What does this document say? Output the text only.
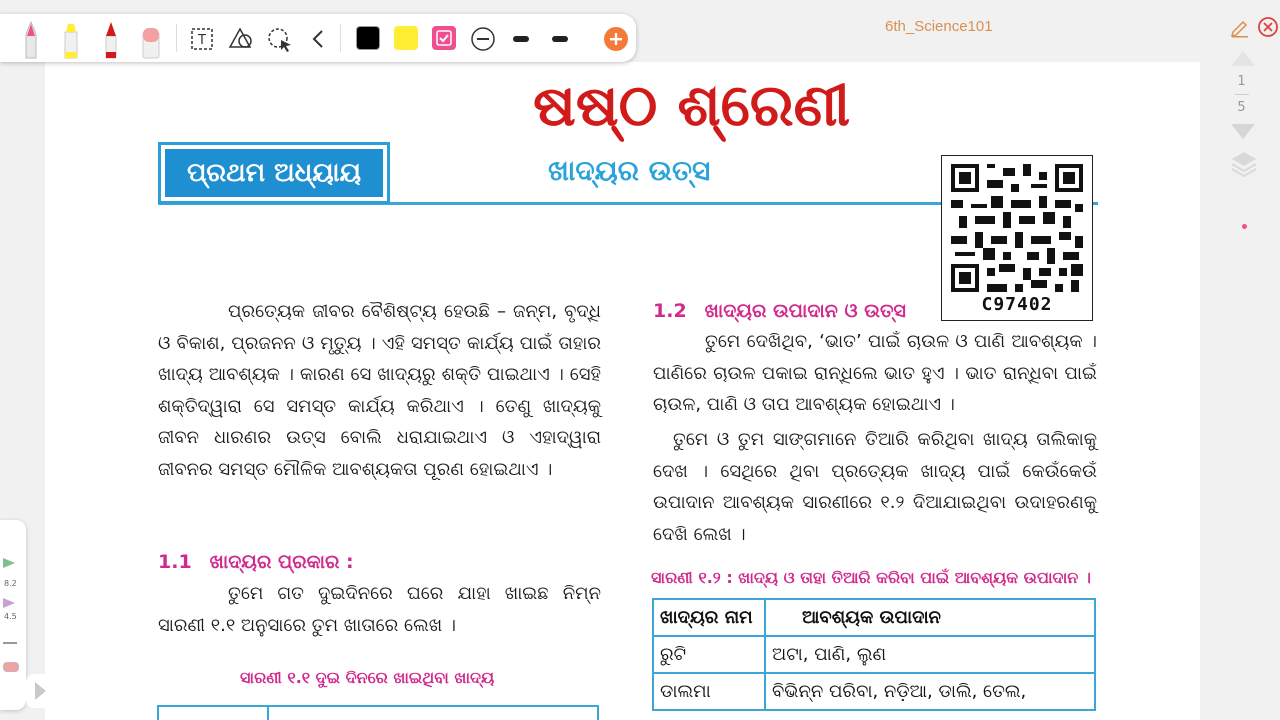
T
6th_Science101
ଷଷ୍ଠ ଶ୍ରେଣୀ
ପ୍ରଥମ ଅଧ୍ୟାୟ	ଖାଦ୍ୟର ଉତ୍ସ
C97402
ପ୍ରତ୍ୟେକ ଜୀବର ବୈଶିଷ୍ଟ୍ୟ ହେଉଛି – ଜନ୍ମ, ବୃଦ୍ଧି ଓ ବିକାଶ, ପ୍ରଜନନ ଓ ମୃତ୍ୟୁ । ଏହି ସମସ୍ତ କାର୍ଯ୍ୟ ପାଇଁ ତାହାର ଖାଦ୍ୟ ଆବଶ୍ୟକ । କାରଣ ସେ ଖାଦ୍ୟରୁ ଶକ୍ତି ପାଇଥାଏ । ସେହି ଶକ୍ତିଦ୍ୱାରା ସେ ସମସ୍ତ କାର୍ଯ୍ୟ କରିଥାଏ । ତେଣୁ ଖାଦ୍ୟକୁ ଜୀବନ ଧାରଣର ଉତ୍ସ ବୋଲି ଧରାଯାଇଥାଏ ଓ ଏହାଦ୍ୱାରା ଜୀବନର ସମସ୍ତ ମୌଳିକ ଆବଶ୍ୟକତା ପୂରଣ ହୋଇଥାଏ ।
1.1 ଖାଦ୍ୟର ପ୍ରକାର :
ତୁମେ ଗତ ଦୁଇଦିନରେ ଘରେ ଯାହା ଖାଇଛ ନିମ୍ନ ସାରଣୀ ୧.୧ ଅନୁସାରେ ତୁମ ଖାତାରେ ଲେଖ ।
ସାରଣୀ ୧.୧ ଦୁଇ ଦିନରେ ଖାଇଥିବା ଖାଦ୍ୟ

1.2 ଖାଦ୍ୟର ଉପାଦାନ ଓ ଉତ୍ସ
ତୁମେ ଦେଖିଥିବ, ‘ଭାତ’ ପାଇଁ ଚାଉଳ ଓ ପାଣି ଆବଶ୍ୟକ । ପାଣିରେ ଚାଉଳ ପକାଇ ରାନ୍ଧିଲେ ଭାତ ହୁଏ । ଭାତ ରାନ୍ଧିବା ପାଇଁ ଚାଉଳ, ପାଣି ଓ ତାପ ଆବଶ୍ୟକ ହୋଇଥାଏ ।
ତୁମେ ଓ ତୁମ ସାଙ୍ଗମାନେ ତିଆରି କରିଥିବା ଖାଦ୍ୟ ତାଲିକାକୁ ଦେଖ । ସେଥିରେ ଥିବା ପ୍ରତ୍ୟେକ ଖାଦ୍ୟ ପାଇଁ କେଉଁକେଉଁ ଉପାଦାନ ଆବଶ୍ୟକ ସାରଣୀରେ ୧.୨ ଦିଆଯାଇଥିବା ଉଦାହରଣକୁ ଦେଖି ଲେଖ ।
ସାରଣୀ ୧.୨ : ଖାଦ୍ୟ ଓ ତାହା ତିଆରି କରିବା ପାଇଁ ଆବଶ୍ୟକ ଉପାଦାନ ।
ଖାଦ୍ୟର ନାମ	ଆବଶ୍ୟକ ଉପାଦାନ
ରୁଟି	ଅଟା, ପାଣି, ଲୁଣ
ଡାଲମା	ବିଭିନ୍ନ ପରିବା, ନଡ଼ିଆ, ଡାଲି, ତେଲ,
1
5
8.2
4.5
